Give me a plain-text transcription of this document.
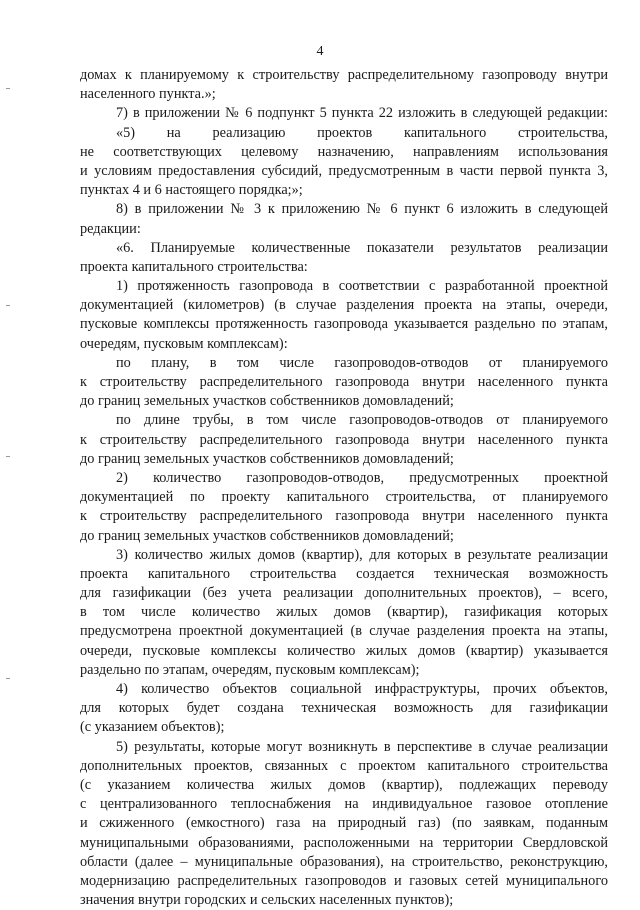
4
домах к планируемому к строительству распределительному газопроводу внутри
населенного пункта.»;
7) в приложении № 6 подпункт 5 пункта 22 изложить в следующей редакции:
«5) на реализацию проектов капитального строительства,
не соответствующих целевому назначению, направлениям использования
и условиям предоставления субсидий, предусмотренным в части первой пункта 3,
пунктах 4 и 6 настоящего порядка;»;
8) в приложении № 3 к приложению № 6 пункт 6 изложить в следующей
редакции:
«6. Планируемые количественные показатели результатов реализации
проекта капитального строительства:
1) протяженность газопровода в соответствии с разработанной проектной
документацией (километров) (в случае разделения проекта на этапы, очереди,
пусковые комплексы протяженность газопровода указывается раздельно по этапам,
очередям, пусковым комплексам):
по плану, в том числе газопроводов-отводов от планируемого
к строительству распределительного газопровода внутри населенного пункта
до границ земельных участков собственников домовладений;
по длине трубы, в том числе газопроводов-отводов от планируемого
к строительству распределительного газопровода внутри населенного пункта
до границ земельных участков собственников домовладений;
2) количество газопроводов-отводов, предусмотренных проектной
документацией по проекту капитального строительства, от планируемого
к строительству распределительного газопровода внутри населенного пункта
до границ земельных участков собственников домовладений;
3) количество жилых домов (квартир), для которых в результате реализации
проекта капитального строительства создается техническая возможность
для газификации (без учета реализации дополнительных проектов), – всего,
в том числе количество жилых домов (квартир), газификация которых
предусмотрена проектной документацией (в случае разделения проекта на этапы,
очереди, пусковые комплексы количество жилых домов (квартир) указывается
раздельно по этапам, очередям, пусковым комплексам);
4) количество объектов социальной инфраструктуры, прочих объектов,
для которых будет создана техническая возможность для газификации
(с указанием объектов);
5) результаты, которые могут возникнуть в перспективе в случае реализации
дополнительных проектов, связанных с проектом капитального строительства
(с указанием количества жилых домов (квартир), подлежащих переводу
с централизованного теплоснабжения на индивидуальное газовое отопление
и сжиженного (емкостного) газа на природный газ) (по заявкам, поданным
муниципальными образованиями, расположенными на территории Свердловской
области (далее – муниципальные образования), на строительство, реконструкцию,
модернизацию распределительных газопроводов и газовых сетей муниципального
значения внутри городских и сельских населенных пунктов);
